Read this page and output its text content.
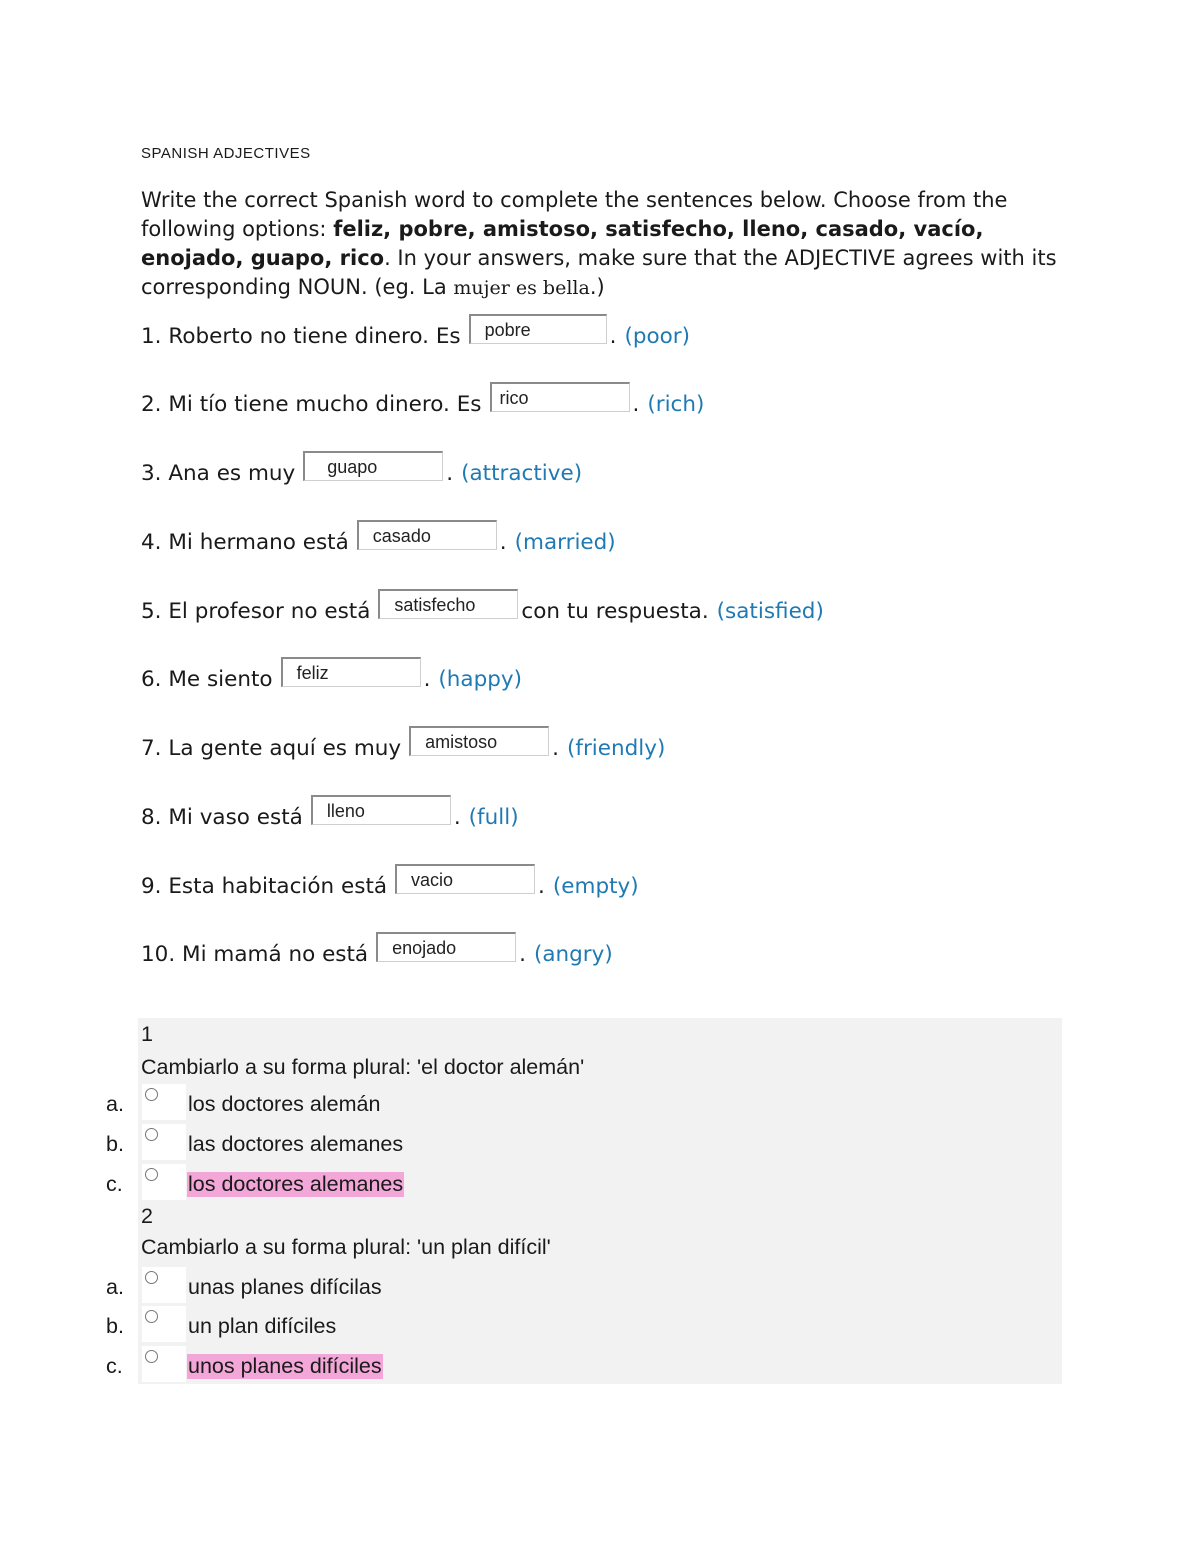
SPANISH ADJECTIVES

Write the correct Spanish word to complete the sentences below. Choose from the following options: feliz, pobre, amistoso, satisfecho, lleno, casado, vacío, enojado, guapo, rico. In your answers, make sure that the ADJECTIVE agrees with its corresponding NOUN. (eg. La mujer es bella.)

1. Roberto no tiene dinero. Es	pobre	. (poor)
2. Mi tío tiene mucho dinero. Es	rico	. (rich)
3. Ana es muy	guapo	. (attractive)
4. Mi hermano está	casado	. (married)
5. El profesor no está	satisfecho	con tu respuesta. (satisfied)
6. Me siento	feliz	. (happy)
7. La gente aquí es muy	amistoso	. (friendly)
8. Mi vaso está	lleno	. (full)
9. Esta habitación está	vacio	. (empty)
10. Mi mamá no está	enojado	. (angry)
1
Cambiarlo a su forma plural: 'el doctor alemán'
a.	los doctores alemán
b.	las doctores alemanes
c.	los doctores alemanes
2
Cambiarlo a su forma plural: 'un plan difícil'
a.	unas planes difícilas
b.	un plan difíciles
c.	unos planes difíciles
